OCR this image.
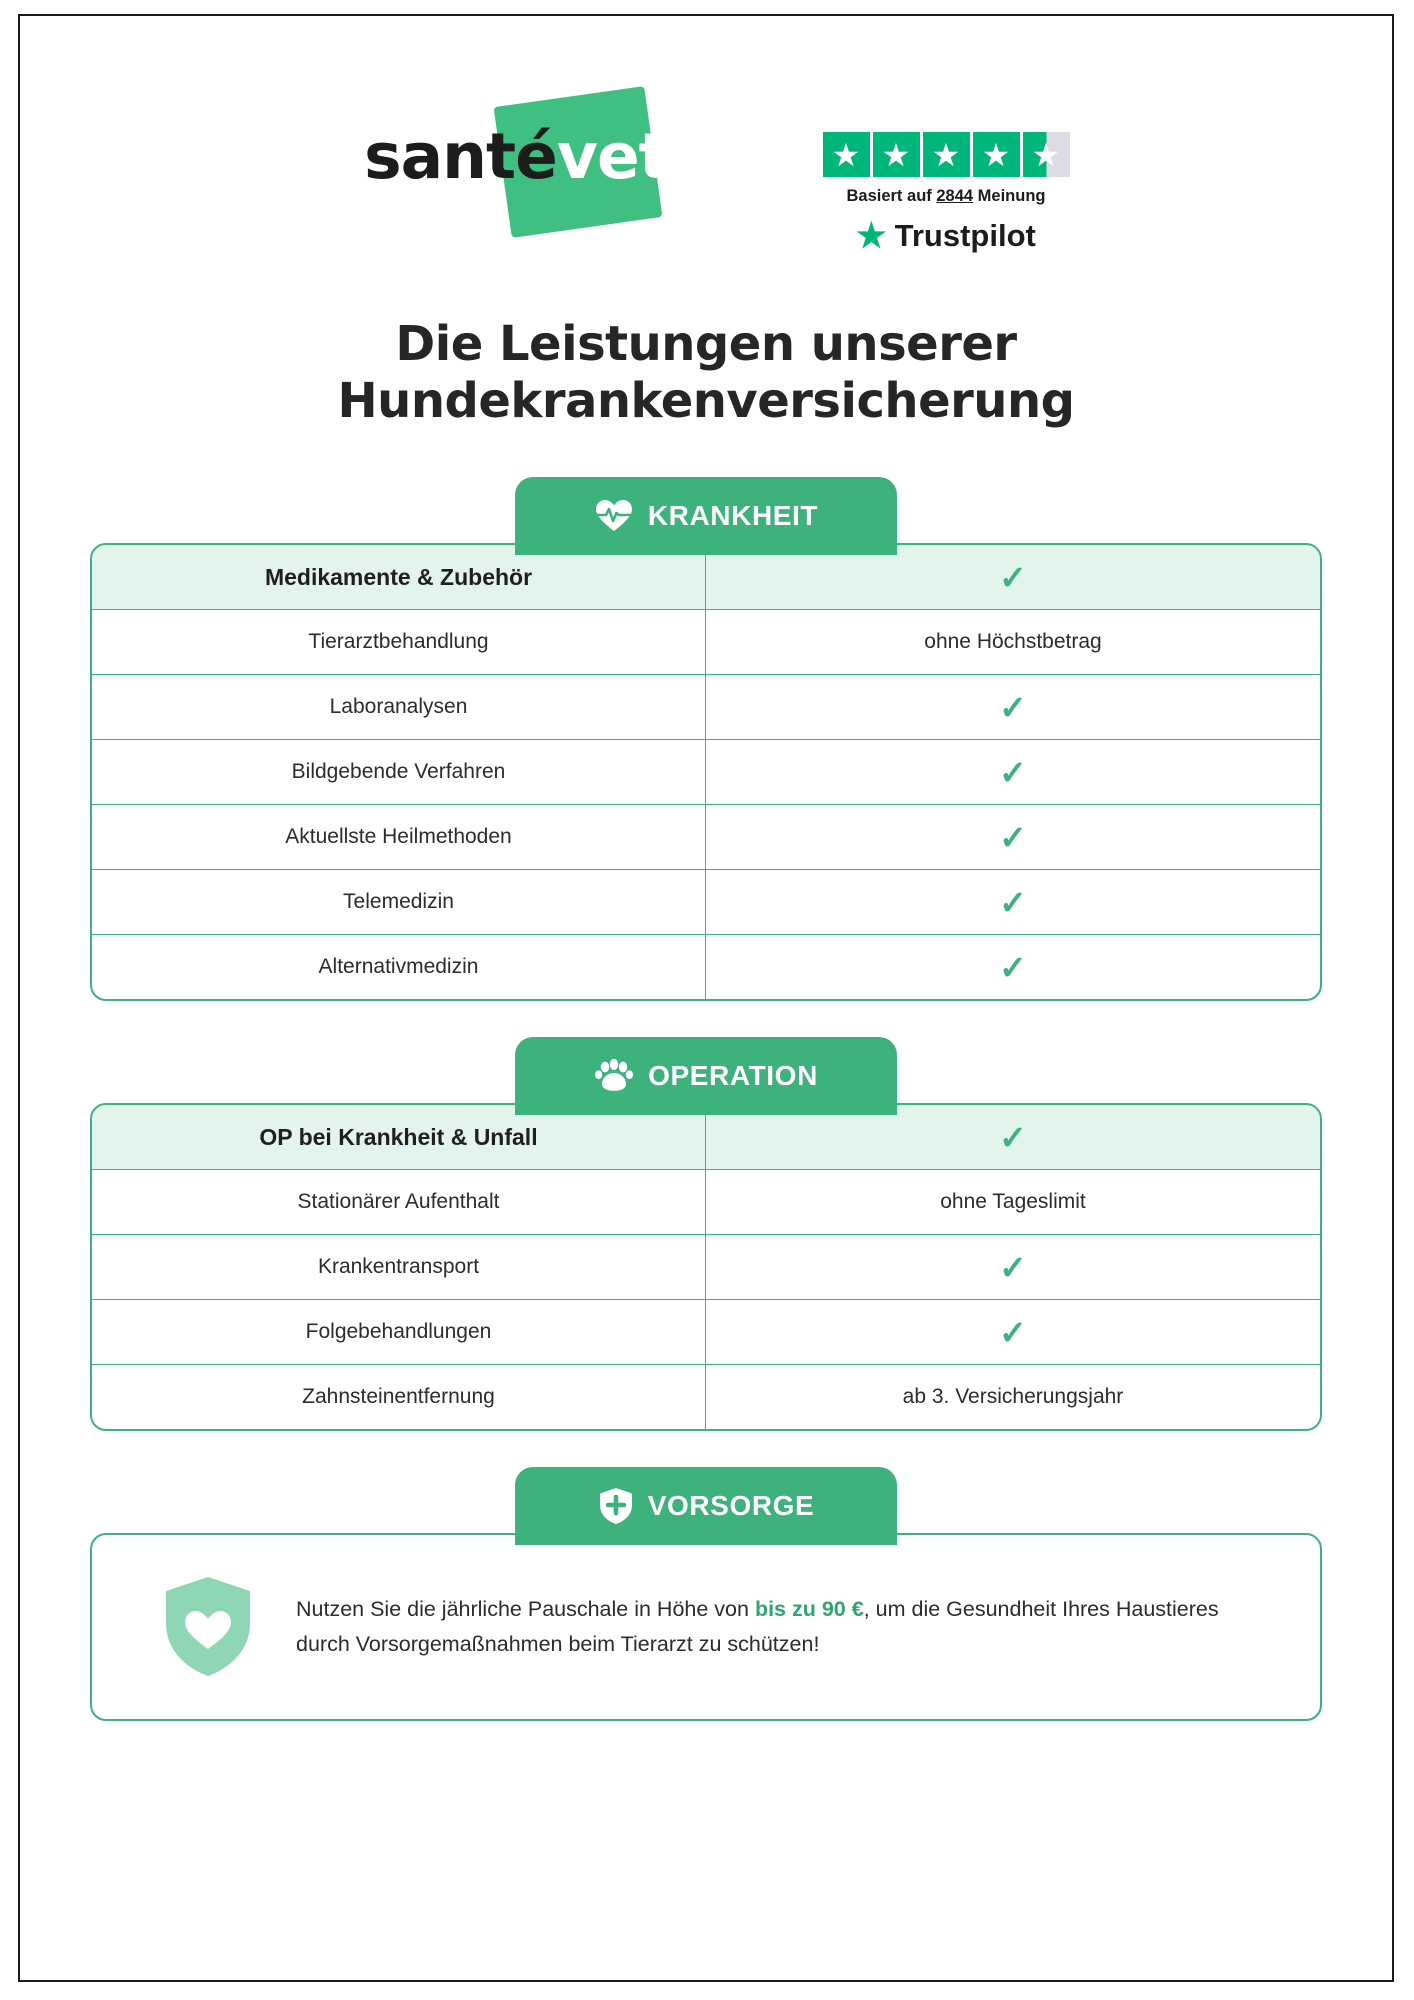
santévet	★ ★ ★ ★ ★
Basiert auf 2844 Meinung
★ Trustpilot
Die Leistungen unserer
Hundekrankenversicherung
KRANKHEIT
Medikamente & Zubehör	✓
Tierarztbehandlung	ohne Höchstbetrag
Laboranalysen	✓
Bildgebende Verfahren	✓
Aktuellste Heilmethoden	✓
Telemedizin	✓
Alternativmedizin	✓
OPERATION
OP bei Krankheit & Unfall	✓
Stationärer Aufenthalt	ohne Tageslimit
Krankentransport	✓
Folgebehandlungen	✓
Zahnsteinentfernung	ab 3. Versicherungsjahr
VORSORGE
Nutzen Sie die jährliche Pauschale in Höhe von bis zu 90 €, um die Gesundheit Ihres Haustieres durch Vorsorgemaßnahmen beim Tierarzt zu schützen!
